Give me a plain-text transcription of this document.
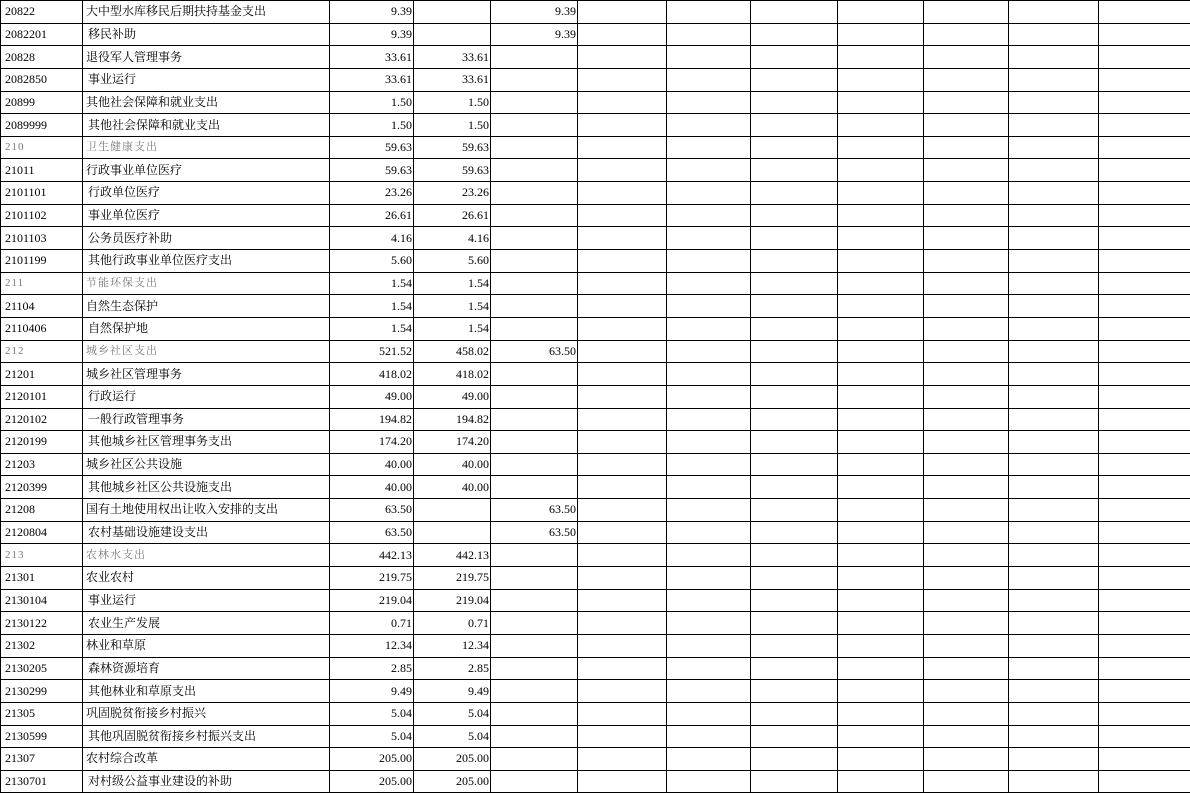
20822	大中型水库移民后期扶持基金支出	9.39		9.39							
2082201	移民补助	9.39		9.39							
20828	退役军人管理事务	33.61	33.61								
2082850	事业运行	33.61	33.61								
20899	其他社会保障和就业支出	1.50	1.50								
2089999	其他社会保障和就业支出	1.50	1.50								
210	卫生健康支出	59.63	59.63								
21011	行政事业单位医疗	59.63	59.63								
2101101	行政单位医疗	23.26	23.26								
2101102	事业单位医疗	26.61	26.61								
2101103	公务员医疗补助	4.16	4.16								
2101199	其他行政事业单位医疗支出	5.60	5.60								
211	节能环保支出	1.54	1.54								
21104	自然生态保护	1.54	1.54								
2110406	自然保护地	1.54	1.54								
212	城乡社区支出	521.52	458.02	63.50							
21201	城乡社区管理事务	418.02	418.02								
2120101	行政运行	49.00	49.00								
2120102	一般行政管理事务	194.82	194.82								
2120199	其他城乡社区管理事务支出	174.20	174.20								
21203	城乡社区公共设施	40.00	40.00								
2120399	其他城乡社区公共设施支出	40.00	40.00								
21208	国有土地使用权出让收入安排的支出	63.50		63.50							
2120804	农村基础设施建设支出	63.50		63.50							
213	农林水支出	442.13	442.13								
21301	农业农村	219.75	219.75								
2130104	事业运行	219.04	219.04								
2130122	农业生产发展	0.71	0.71								
21302	林业和草原	12.34	12.34								
2130205	森林资源培育	2.85	2.85								
2130299	其他林业和草原支出	9.49	9.49								
21305	巩固脱贫衔接乡村振兴	5.04	5.04								
2130599	其他巩固脱贫衔接乡村振兴支出	5.04	5.04								
21307	农村综合改革	205.00	205.00								
2130701	对村级公益事业建设的补助	205.00	205.00								
